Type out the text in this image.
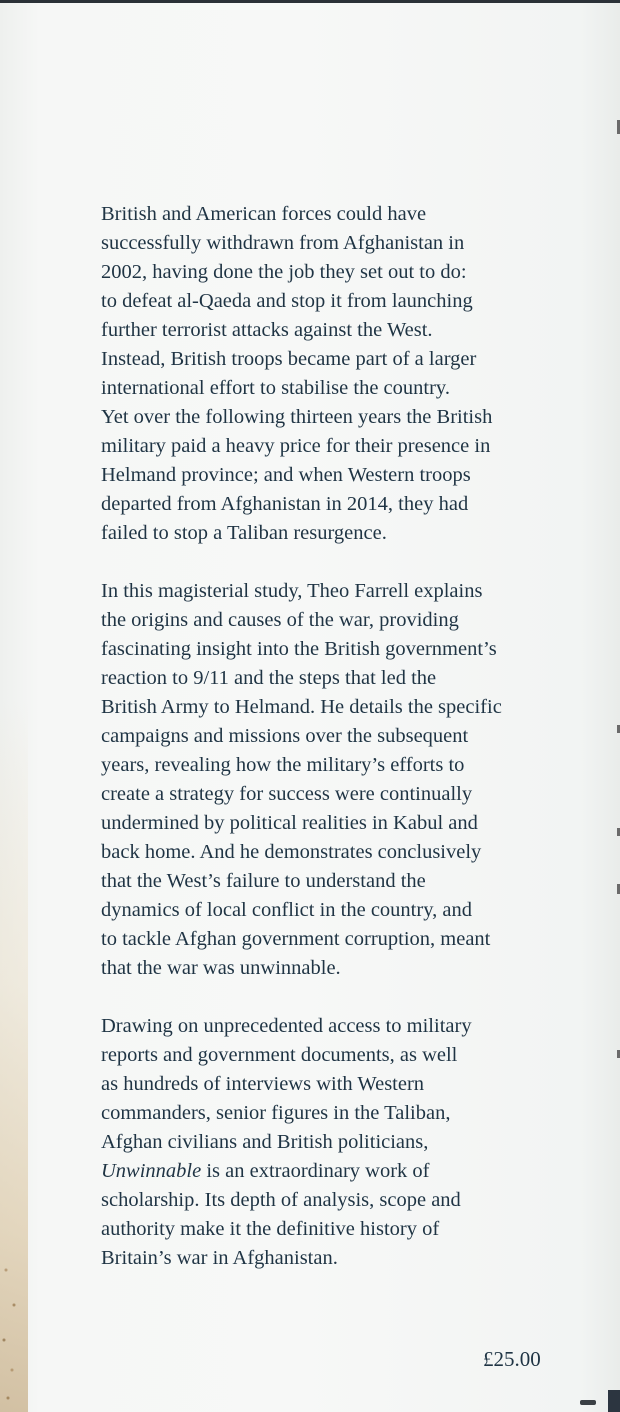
British and American forces could have
successfully withdrawn from Afghanistan in
2002, having done the job they set out to do:
to defeat al-Qaeda and stop it from launching
further terrorist attacks against the West.
Instead, British troops became part of a larger
international effort to stabilise the country.
Yet over the following thirteen years the British
military paid a heavy price for their presence in
Helmand province; and when Western troops
departed from Afghanistan in 2014, they had
failed to stop a Taliban resurgence.

In this magisterial study, Theo Farrell explains
the origins and causes of the war, providing
fascinating insight into the British government’s
reaction to 9/11 and the steps that led the
British Army to Helmand. He details the specific
campaigns and missions over the subsequent
years, revealing how the military’s efforts to
create a strategy for success were continually
undermined by political realities in Kabul and
back home. And he demonstrates conclusively
that the West’s failure to understand the
dynamics of local conflict in the country, and
to tackle Afghan government corruption, meant
that the war was unwinnable.

Drawing on unprecedented access to military
reports and government documents, as well
as hundreds of interviews with Western
commanders, senior figures in the Taliban,
Afghan civilians and British politicians,
Unwinnable is an extraordinary work of
scholarship. Its depth of analysis, scope and
authority make it the definitive history of
Britain’s war in Afghanistan.

£25.00
